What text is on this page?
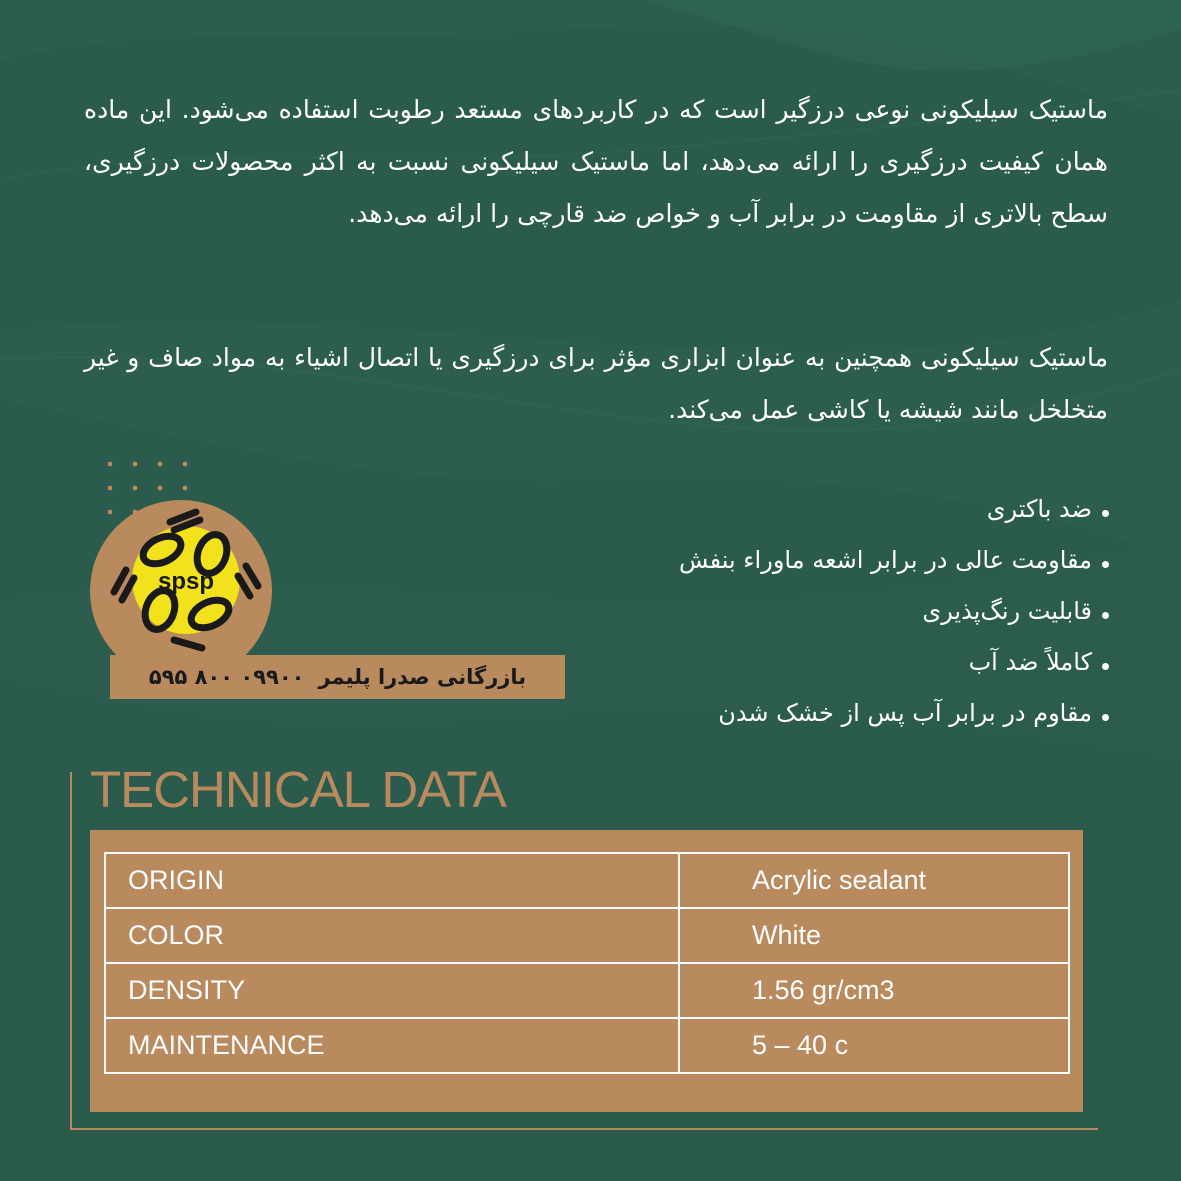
ماستیک سیلیکونی نوعی درزگیر است که در کاربردهای مستعد رطوبت استفاده می‌شود. این ماده همان کیفیت درزگیری را ارائه می‌دهد، اما ماستیک سیلیکونی نسبت به اکثر محصولات درزگیری، سطح بالاتری از مقاومت در برابر آب و خواص ضد قارچی را ارائه می‌دهد.
ماستیک سیلیکونی همچنین به عنوان ابزاری مؤثر برای درزگیری یا اتصال اشیاء به مواد صاف و غیر متخلخل مانند شیشه یا کاشی عمل می‌کند.
spsp
بازرگانی صدرا پلیمر
۰۹۹۰۰ ۸۰۰ ۵۹۵
ضد باکتری
مقاومت عالی در برابر اشعه ماوراء بنفش
قابلیت رنگ‌پذیری
کاملاً ضد آب
مقاوم در برابر آب پس از خشک شدن
TECHNICAL DATA
ORIGIN	Acrylic sealant
COLOR	White
DENSITY	1.56 gr/cm3
MAINTENANCE	5 – 40 c
